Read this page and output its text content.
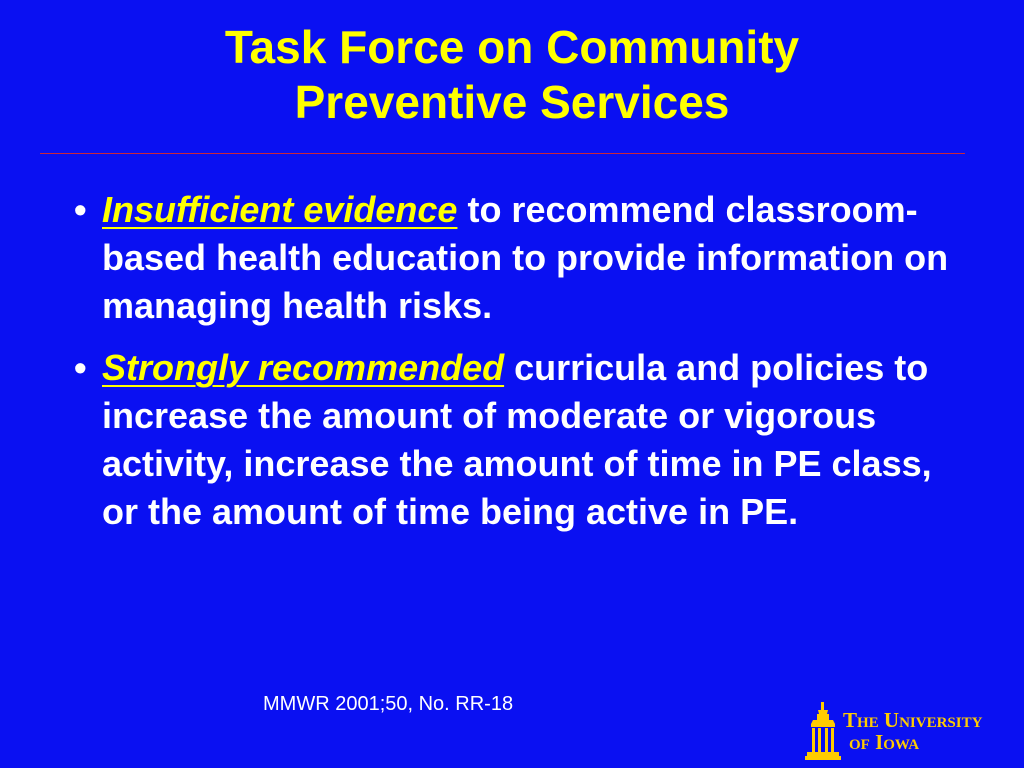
Task Force on Community
Preventive Services
• Insufficient evidence to recommend classroom-based health education to provide information on managing health risks.
• Strongly recommended curricula and policies to increase the amount of moderate or vigorous activity, increase the amount of time in PE class, or the amount of time being active in PE.
MMWR 2001;50, No. RR-18
The University
of Iowa
